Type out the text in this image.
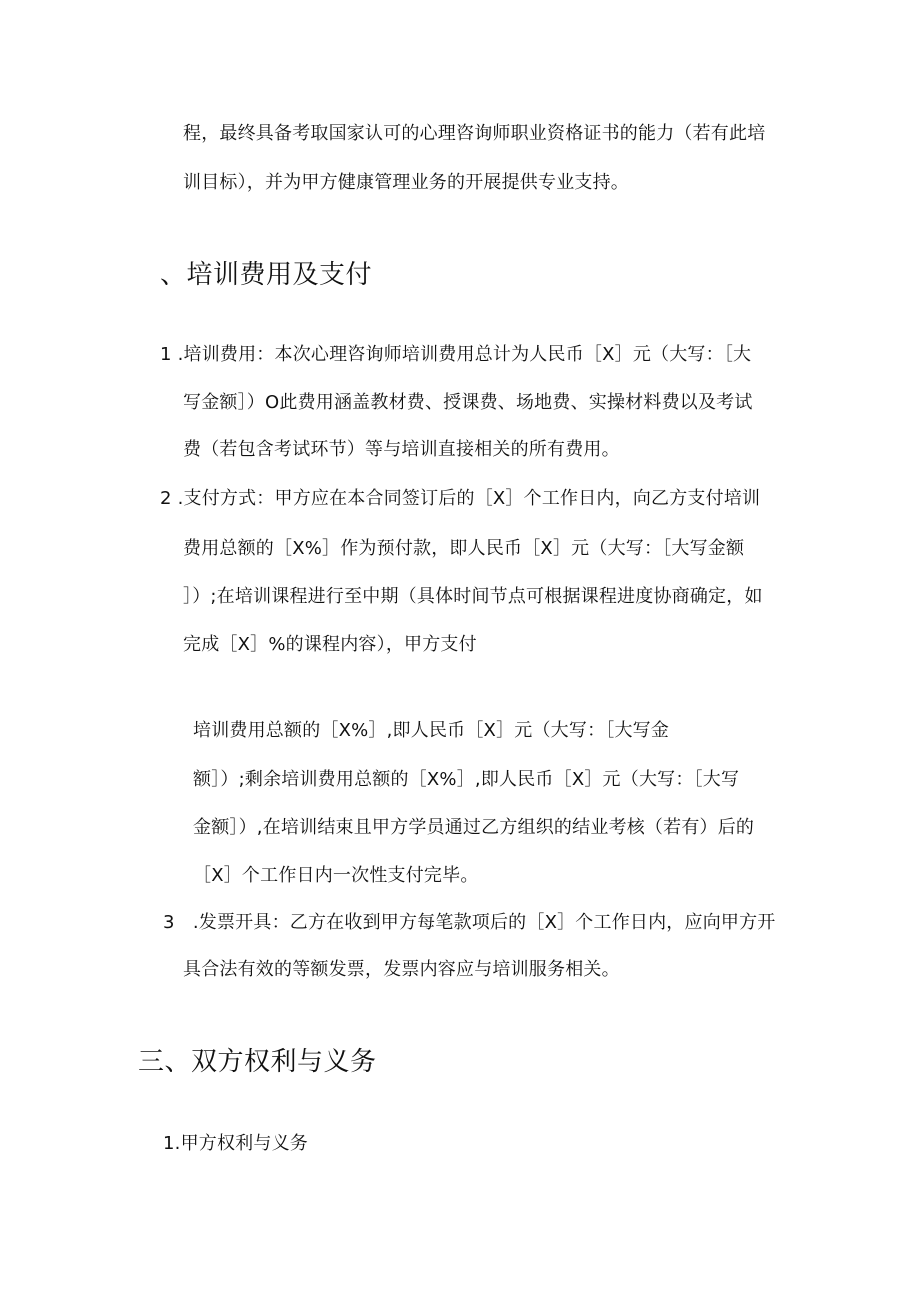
程，最终具备考取国家认可的心理咨询师职业资格证书的能力（若有此培
训目标），并为甲方健康管理业务的开展提供专业支持。
、培训费用及支付
1 .培训费用：本次心理咨询师培训费用总计为人民币［X］元（大写：［大
写金额］）O此费用涵盖教材费、授课费、场地费、实操材料费以及考试
费（若包含考试环节）等与培训直接相关的所有费用。
2 .支付方式：甲方应在本合同签订后的［X］个工作日内，向乙方支付培训
费用总额的［X%］作为预付款，即人民币［X］元（大写：［大写金额
］）;在培训课程进行至中期（具体时间节点可根据课程进度协商确定，如
完成［X］%的课程内容），甲方支付
培训费用总额的［X%］,即人民币［X］元（大写：［大写金
额］）;剩余培训费用总额的［X%］,即人民币［X］元（大写：［大写
金额］）,在培训结束且甲方学员通过乙方组织的结业考核（若有）后的
［X］个工作日内一次性支付完毕。
3　.发票开具：乙方在收到甲方每笔款项后的［X］个工作日内，应向甲方开
具合法有效的等额发票，发票内容应与培训服务相关。
三、双方权利与义务
1.甲方权利与义务
